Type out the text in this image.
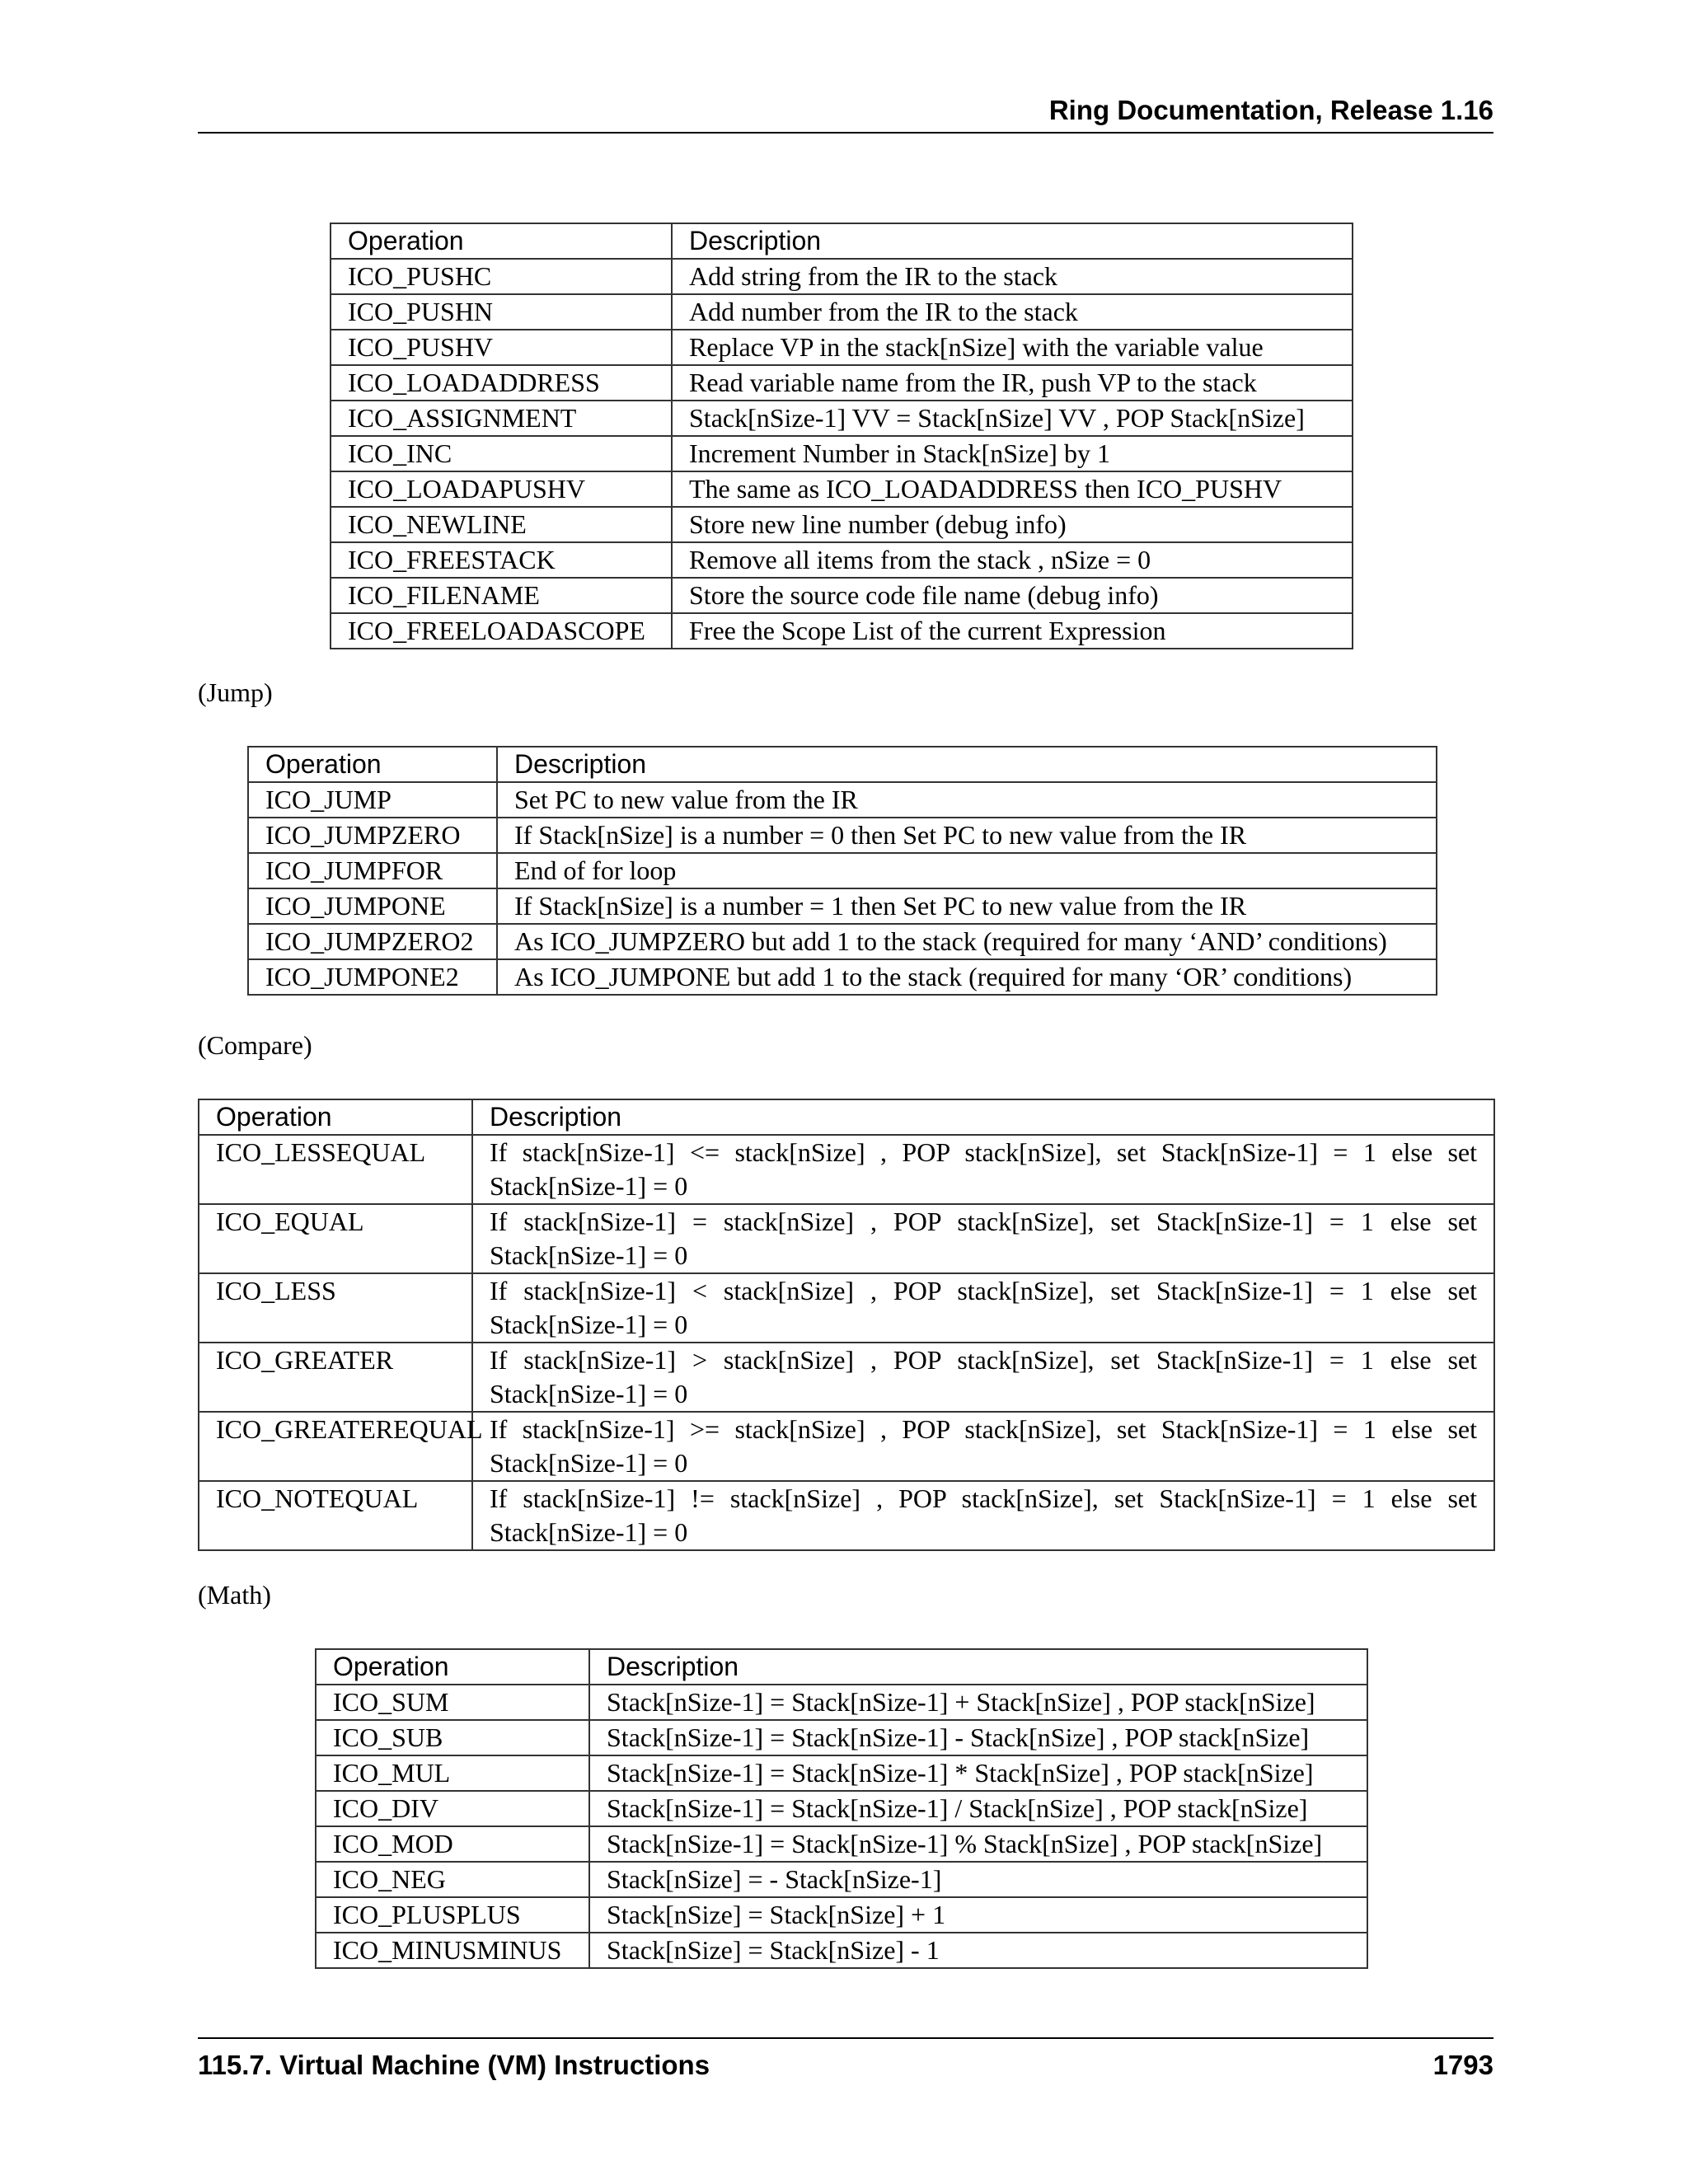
Ring Documentation, Release 1.16
Operation	Description
ICO_PUSHC	Add string from the IR to the stack
ICO_PUSHN	Add number from the IR to the stack
ICO_PUSHV	Replace VP in the stack[nSize] with the variable value
ICO_LOADADDRESS	Read variable name from the IR, push VP to the stack
ICO_ASSIGNMENT	Stack[nSize-1] VV = Stack[nSize] VV , POP Stack[nSize]
ICO_INC	Increment Number in Stack[nSize] by 1
ICO_LOADAPUSHV	The same as ICO_LOADADDRESS then ICO_PUSHV
ICO_NEWLINE	Store new line number (debug info)
ICO_FREESTACK	Remove all items from the stack , nSize = 0
ICO_FILENAME	Store the source code file name (debug info)
ICO_FREELOADASCOPE	Free the Scope List of the current Expression
(Jump)
Operation	Description
ICO_JUMP	Set PC to new value from the IR
ICO_JUMPZERO	If Stack[nSize] is a number = 0 then Set PC to new value from the IR
ICO_JUMPFOR	End of for loop
ICO_JUMPONE	If Stack[nSize] is a number = 1 then Set PC to new value from the IR
ICO_JUMPZERO2	As ICO_JUMPZERO but add 1 to the stack (required for many ‘AND’ conditions)
ICO_JUMPONE2	As ICO_JUMPONE but add 1 to the stack (required for many ‘OR’ conditions)
(Compare)
Operation	Description
ICO_LESSEQUAL	If stack[nSize-1] <= stack[nSize] , POP stack[nSize], set Stack[nSize-1] = 1 else set Stack[nSize-1] = 0
ICO_EQUAL	If stack[nSize-1] = stack[nSize] , POP stack[nSize], set Stack[nSize-1] = 1 else set Stack[nSize-1] = 0
ICO_LESS	If stack[nSize-1] < stack[nSize] , POP stack[nSize], set Stack[nSize-1] = 1 else set Stack[nSize-1] = 0
ICO_GREATER	If stack[nSize-1] > stack[nSize] , POP stack[nSize], set Stack[nSize-1] = 1 else set Stack[nSize-1] = 0
ICO_GREATEREQUAL	If stack[nSize-1] >= stack[nSize] , POP stack[nSize], set Stack[nSize-1] = 1 else set Stack[nSize-1] = 0
ICO_NOTEQUAL	If stack[nSize-1] != stack[nSize] , POP stack[nSize], set Stack[nSize-1] = 1 else set Stack[nSize-1] = 0
(Math)
Operation	Description
ICO_SUM	Stack[nSize-1] = Stack[nSize-1] + Stack[nSize] , POP stack[nSize]
ICO_SUB	Stack[nSize-1] = Stack[nSize-1] - Stack[nSize] , POP stack[nSize]
ICO_MUL	Stack[nSize-1] = Stack[nSize-1] * Stack[nSize] , POP stack[nSize]
ICO_DIV	Stack[nSize-1] = Stack[nSize-1] / Stack[nSize] , POP stack[nSize]
ICO_MOD	Stack[nSize-1] = Stack[nSize-1] % Stack[nSize] , POP stack[nSize]
ICO_NEG	Stack[nSize] = - Stack[nSize-1]
ICO_PLUSPLUS	Stack[nSize] = Stack[nSize] + 1
ICO_MINUSMINUS	Stack[nSize] = Stack[nSize] - 1
115.7. Virtual Machine (VM) Instructions	1793
